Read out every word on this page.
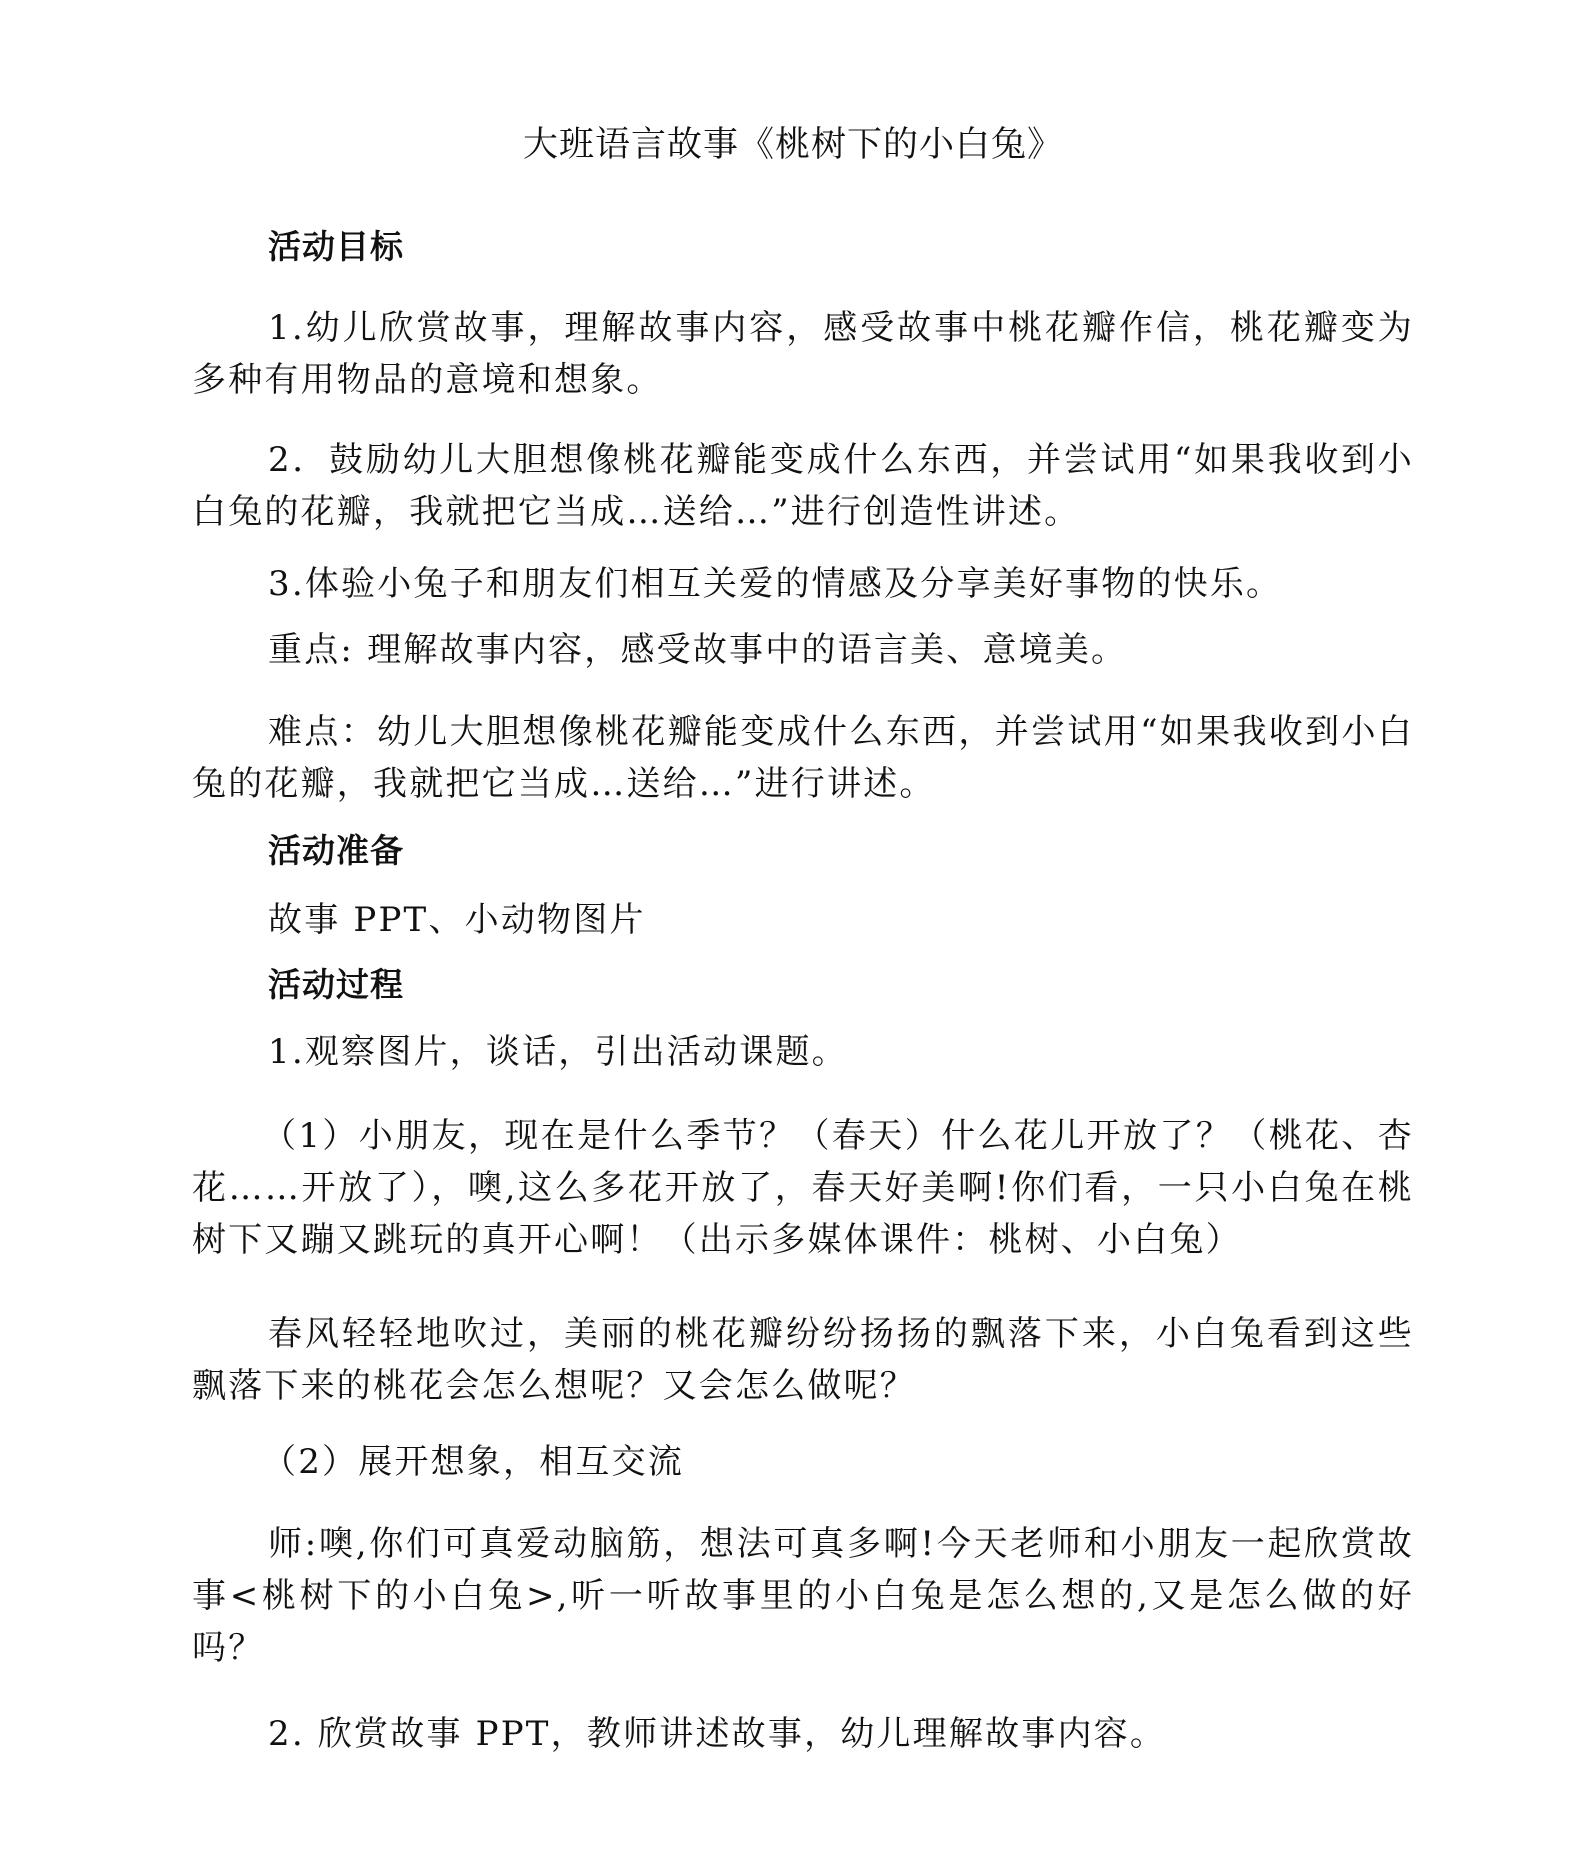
大班语言故事《桃树下的小白兔》
活动目标
1.幼儿欣赏故事，理解故事内容，感受故事中桃花瓣作信，桃花瓣变为多种有用物品的意境和想象。
2．鼓励幼儿大胆想像桃花瓣能变成什么东西，并尝试用“如果我收到小白兔的花瓣，我就把它当成…送给…”进行创造性讲述。
3.体验小兔子和朋友们相互关爱的情感及分享美好事物的快乐。
重点: 理解故事内容，感受故事中的语言美、意境美。
难点：幼儿大胆想像桃花瓣能变成什么东西，并尝试用“如果我收到小白兔的花瓣，我就把它当成…送给…”进行讲述。
活动准备
故事 PPT、小动物图片
活动过程
1.观察图片，谈话，引出活动课题。
（1）小朋友，现在是什么季节？（春天）什么花儿开放了？（桃花、杏花……开放了），噢,这么多花开放了，春天好美啊!你们看，一只小白兔在桃树下又蹦又跳玩的真开心啊！（出示多媒体课件：桃树、小白兔）
春风轻轻地吹过，美丽的桃花瓣纷纷扬扬的飘落下来，小白兔看到这些飘落下来的桃花会怎么想呢？又会怎么做呢？
（2）展开想象，相互交流
师:噢,你们可真爱动脑筋，想法可真多啊!今天老师和小朋友一起欣赏故事<桃树下的小白兔>,听一听故事里的小白兔是怎么想的,又是怎么做的好吗？
2. 欣赏故事 PPT，教师讲述故事，幼儿理解故事内容。
